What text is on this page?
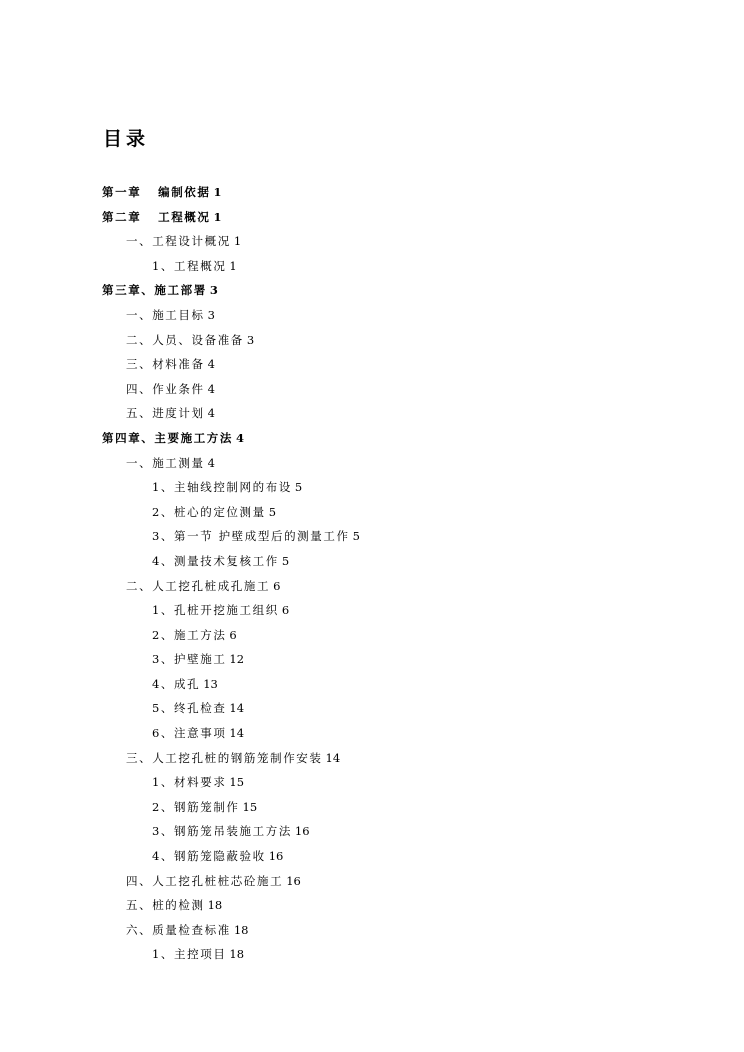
目录
第一章   编制依据 1
第二章   工程概况 1
一、工程设计概况 1
1、工程概况 1
第三章、施工部署 3
一、施工目标 3
二、人员、设备准备 3
三、材料准备 4
四、作业条件 4
五、进度计划 4
第四章、主要施工方法 4
一、施工测量 4
1、主轴线控制网的布设 5
2、桩心的定位测量 5
3、第一节 护壁成型后的测量工作 5
4、测量技术复核工作 5
二、人工挖孔桩成孔施工 6
1、孔桩开挖施工组织 6
2、施工方法 6
3、护壁施工 12
4、成孔 13
5、终孔检查 14
6、注意事项 14
三、人工挖孔桩的钢筋笼制作安装 14
1、材料要求 15
2、钢筋笼制作 15
3、钢筋笼吊装施工方法 16
4、钢筋笼隐蔽验收 16
四、人工挖孔桩桩芯砼施工 16
五、桩的检测 18
六、质量检查标准 18
1、主控项目 18
